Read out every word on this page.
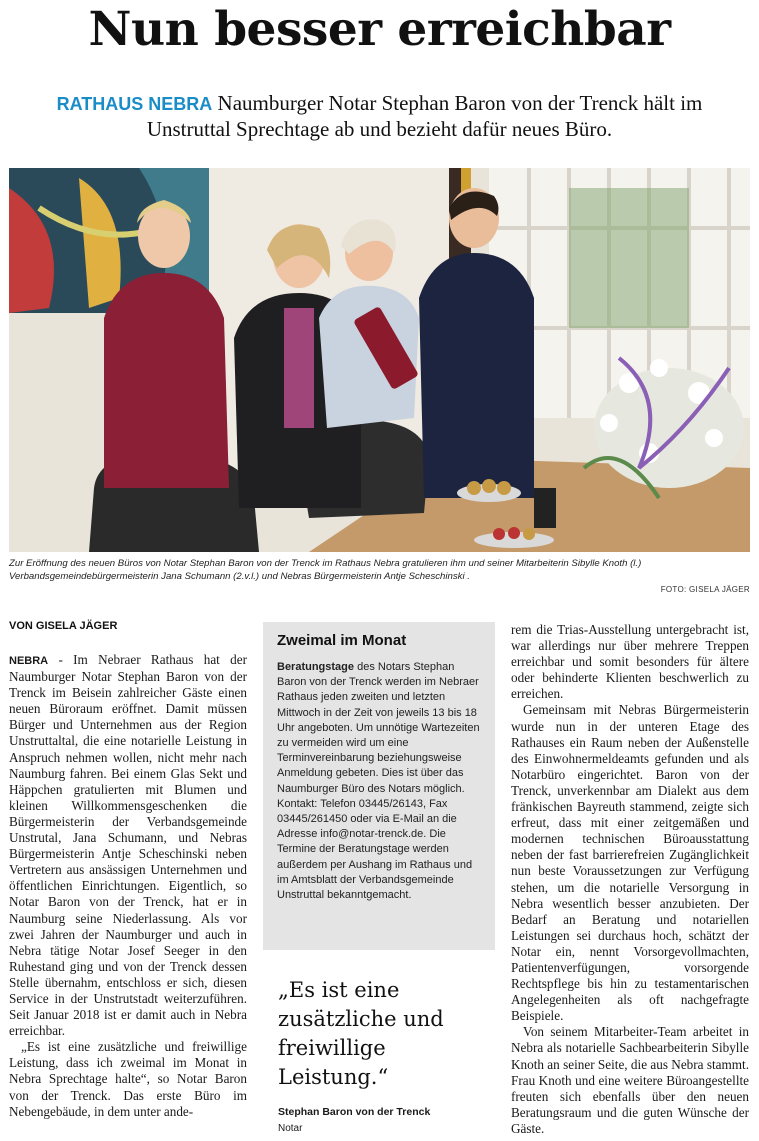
Nun besser erreichbar
RATHAUS NEBRA Naumburger Notar Stephan Baron von der Trenck hält im Unstruttal Sprechtage ab und bezieht dafür neues Büro.
Zur Eröffnung des neuen Büros von Notar Stephan Baron von der Trenck im Rathaus Nebra gratulieren ihm und seiner Mitarbeiterin Sibylle Knoth (l.) Verbandsgemeindebürgermeisterin Jana Schumann (2.v.l.) und Nebras Bürgermeisterin Antje Scheschinski .
FOTO: GISELA JÄGER
VON GISELA JÄGER

NEBRA - Im Nebraer Rathaus hat der Naumburger Notar Stephan Baron von der Trenck im Beisein zahlreicher Gäste einen neuen Büroraum eröffnet. Damit müssen Bürger und Unternehmen aus der Region Unstruttaltal, die eine notarielle Leistung in Anspruch nehmen wollen, nicht mehr nach Naumburg fahren. Bei einem Glas Sekt und Häppchen gratulierten mit Blumen und kleinen Willkommensgeschenken die Bürgermeisterin der Verbandsgemeinde Unstrutal, Jana Schumann, und Nebras Bürgermeisterin Antje Scheschinski neben Vertretern aus ansässigen Unternehmen und öffentlichen Einrichtungen. Eigentlich, so Notar Baron von der Trenck, hat er in Naumburg seine Niederlassung. Als vor zwei Jahren der Naumburger und auch in Nebra tätige Notar Josef Seeger in den Ruhestand ging und von der Trenck dessen Stelle übernahm, entschloss er sich, diesen Service in der Unstrutstadt weiterzuführen. Seit Januar 2018 ist er damit auch in Nebra erreichbar.

„Es ist eine zusätzliche und freiwillige Leistung, dass ich zweimal im Monat in Nebra Sprechtage halte“, so Notar Baron von der Trenck. Das erste Büro im Nebengebäude, in dem unter ande-

Zweimal im Monat
Beratungstage des Notars Stephan Baron von der Trenck werden im Nebraer Rathaus jeden zweiten und letzten Mittwoch in der Zeit von jeweils 13 bis 18 Uhr angeboten. Um unnötige Wartezeiten zu vermeiden wird um eine Terminvereinbarung beziehungsweise Anmeldung gebeten. Dies ist über das Naumburger Büro des Notars möglich. Kontakt: Telefon 03445/26143, Fax 03445/261450 oder via E-Mail an die Adresse info@notar-trenck.de. Die Termine der Beratungstage werden außerdem per Aushang im Rathaus und im Amtsblatt der Verbandsgemeinde Unstruttal bekanntgemacht.
„Es ist eine zusätzliche und freiwillige Leistung.“
Stephan Baron von der Trenck
Notar

rem die Trias-Ausstellung untergebracht ist, war allerdings nur über mehrere Treppen erreichbar und somit besonders für ältere oder behinderte Klienten beschwerlich zu erreichen.

Gemeinsam mit Nebras Bürgermeisterin wurde nun in der unteren Etage des Rathauses ein Raum neben der Außenstelle des Einwohnermeldeamts gefunden und als Notarbüro eingerichtet. Baron von der Trenck, unverkennbar am Dialekt aus dem fränkischen Bayreuth stammend, zeigte sich erfreut, dass mit einer zeitgemäßen und modernen technischen Büroausstattung neben der fast barrierefreien Zugänglichkeit nun beste Voraussetzungen zur Verfügung stehen, um die notarielle Versorgung in Nebra wesentlich besser anzubieten. Der Bedarf an Beratung und notariellen Leistungen sei durchaus hoch, schätzt der Notar ein, nennt Vorsorgevollmachten, Patientenverfügungen, vorsorgende Rechtspflege bis hin zu testamentarischen Angelegenheiten als oft nachgefragte Beispiele.

Von seinem Mitarbeiter-Team arbeitet in Nebra als notarielle Sachbearbeiterin Sibylle Knoth an seiner Seite, die aus Nebra stammt. Frau Knoth und eine weitere Büroangestellte freuten sich ebenfalls über den neuen Beratungsraum und die guten Wünsche der Gäste.
